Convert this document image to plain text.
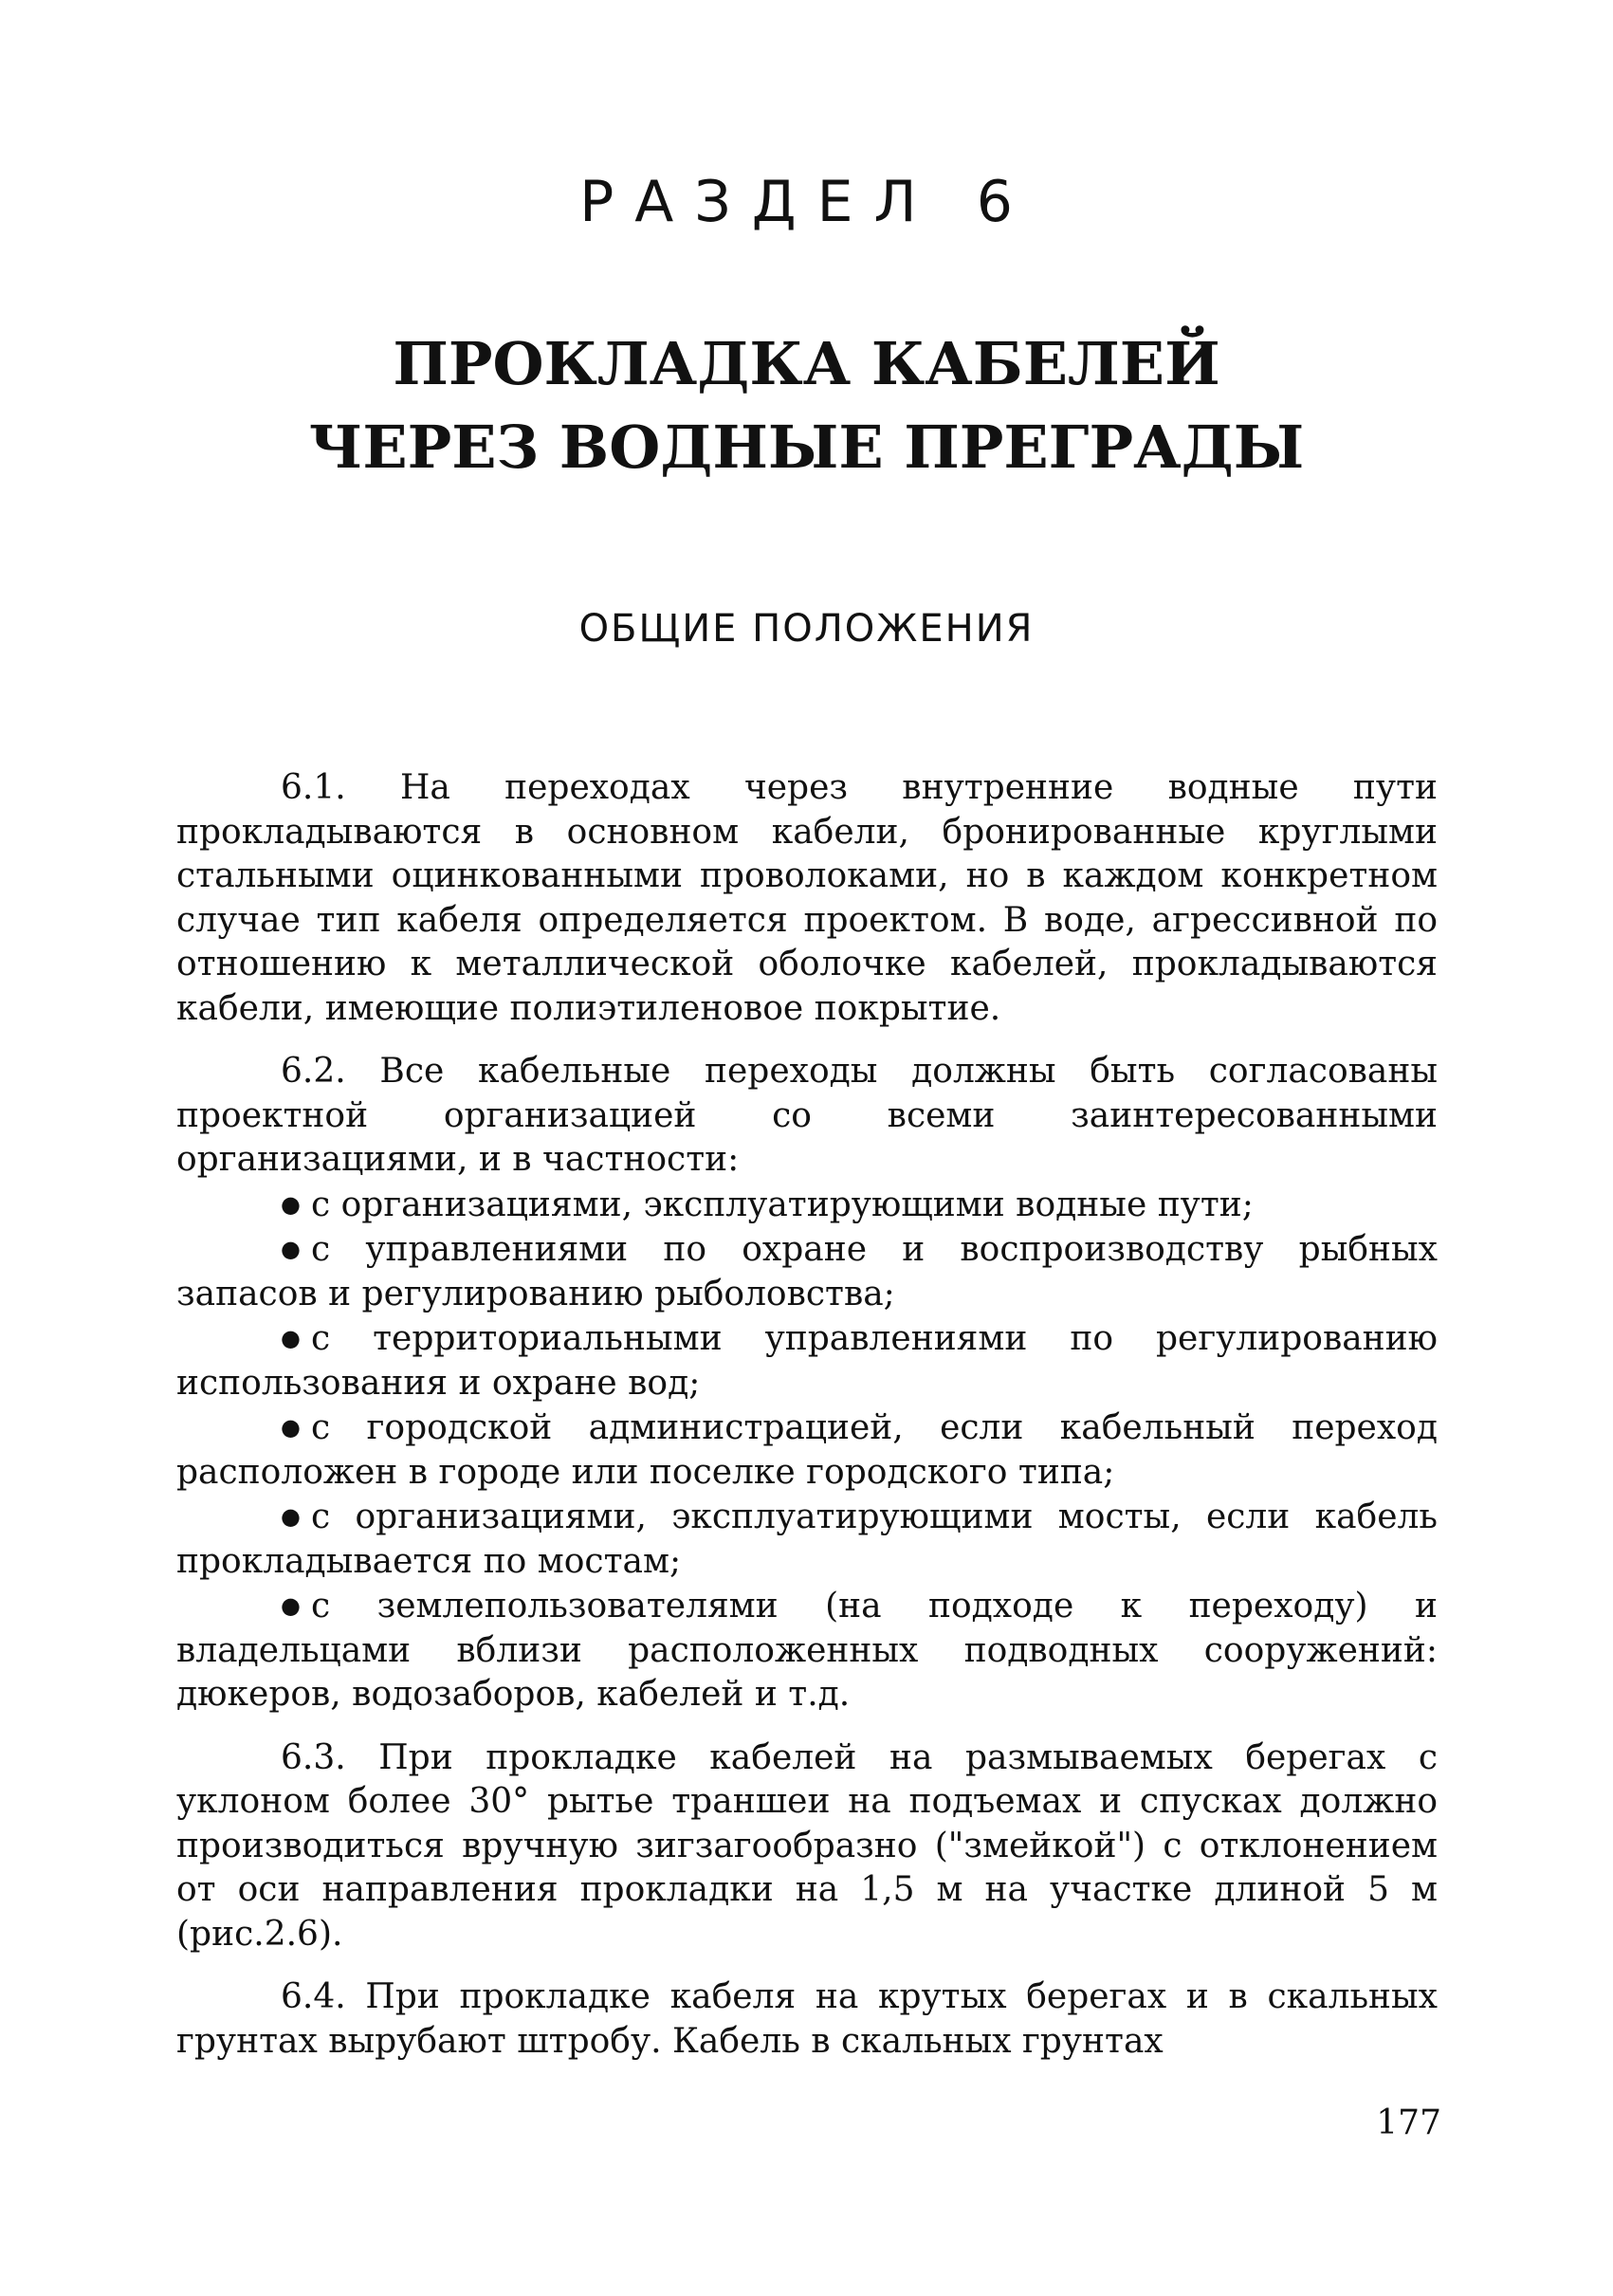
РАЗДЕЛ 6
ПРОКЛАДКА КАБЕЛЕЙ
ЧЕРЕЗ ВОДНЫЕ ПРЕГРАДЫ
ОБЩИЕ ПОЛОЖЕНИЯ

6.1. На переходах через внутренние водные пути прокладываются в основном кабели, бронированные круглыми стальными оцинкованными проволоками, но в каждом конкретном случае тип кабеля определяется проектом. В воде, агрессивной по отношению к металлической оболочке кабелей, прокладываются кабели, имеющие полиэтиленовое покрытие.

6.2. Все кабельные переходы должны быть согласованы проектной организацией со всеми заинтересованными организациями, и в частности:

● с организациями, эксплуатирующими водные пути;

● с управлениями по охране и воспроизводству рыбных запасов и регулированию рыболовства;

● с территориальными управлениями по регулированию использования и охране вод;

● с городской администрацией, если кабельный переход расположен в городе или поселке городского типа;

● с организациями, эксплуатирующими мосты, если кабель прокладывается по мостам;

● с землепользователями (на подходе к переходу) и владельцами вблизи расположенных подводных сооружений: дюкеров, водозаборов, кабелей и т.д.

6.3. При прокладке кабелей на размываемых берегах с уклоном более 30° рытье траншеи на подъемах и спусках должно производиться вручную зигзагообразно ("змейкой") с отклонением от оси направления прокладки на 1,5 м на участке длиной 5 м (рис.2.6).

6.4. При прокладке кабеля на крутых берегах и в скальных грунтах вырубают штробу. Кабель в скальных грунтах

177
